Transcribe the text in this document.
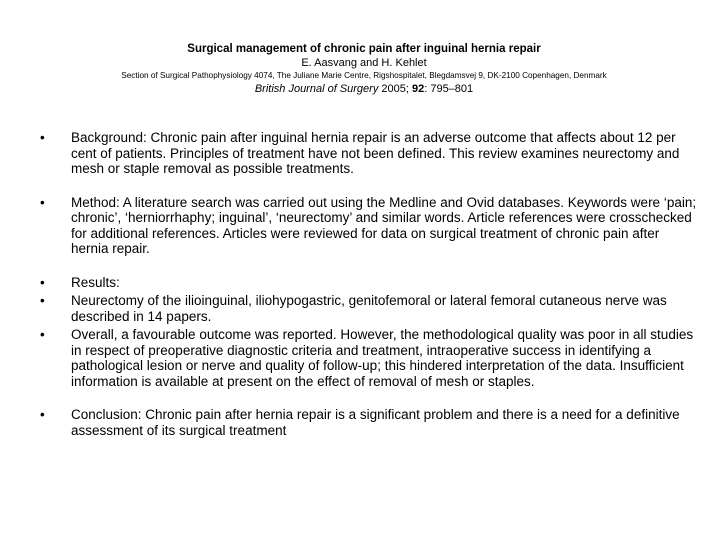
Surgical management of chronic pain after inguinal hernia repair
E. Aasvang and H. Kehlet
Section of Surgical Pathophysiology 4074, The Juliane Marie Centre, Rigshospitalet, Blegdamsvej 9, DK-2100 Copenhagen, Denmark
British Journal of Surgery 2005; 92: 795–801
•	Background: Chronic pain after inguinal hernia repair is an adverse outcome that affects about 12 per cent of patients. Principles of treatment have not been defined. This review examines neurectomy and mesh or staple removal as possible treatments.
•	Method: A literature search was carried out using the Medline and Ovid databases. Keywords were ‘pain; chronic’, ‘herniorrhaphy; inguinal’, ‘neurectomy’ and similar words. Article references were crosschecked for additional references. Articles were reviewed for data on surgical treatment of chronic pain after hernia repair.
•	Results:
•	Neurectomy of the ilioinguinal, iliohypogastric, genitofemoral or lateral femoral cutaneous nerve was described in 14 papers.
•	Overall, a favourable outcome was reported. However, the methodological quality was poor in all studies in respect of preoperative diagnostic criteria and treatment, intraoperative success in identifying a pathological lesion or nerve and quality of follow-up; this hindered interpretation of the data. Insufficient information is available at present on the effect of removal of mesh or staples.
•	Conclusion: Chronic pain after hernia repair is a significant problem and there is a need for a definitive assessment of its surgical treatment
